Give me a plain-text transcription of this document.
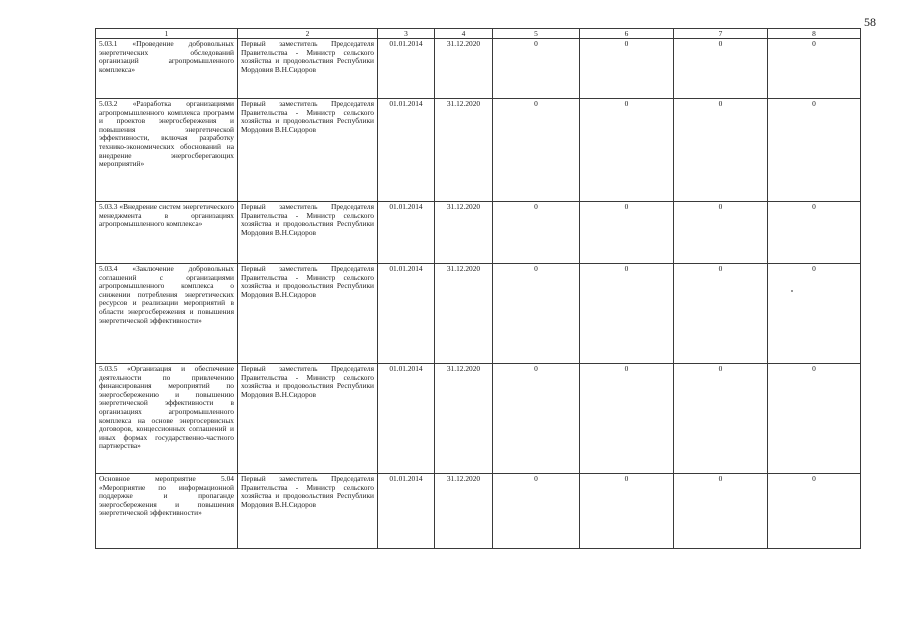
58
1	2	3	4	5	6	7	8
5.03.1 «Проведение добровольных энергетических обследований организаций агропромышленного комплекса»	Первый заместитель Председателя Правительства - Министр сельского хозяйства и продовольствия Республики Мордовия В.Н.Сидоров	01.01.2014	31.12.2020	0	0	0	0
5.03.2 «Разработка организациями агропромышленного комплекса программ и проектов энергосбережения и повышения энергетической эффективности, включая разработку технико-экономических обоснований на внедрение энергосберегающих мероприятий»	Первый заместитель Председателя Правительства - Министр сельского хозяйства и продовольствия Республики Мордовия В.Н.Сидоров	01.01.2014	31.12.2020	0	0	0	0
5.03.3 «Внедрение систем энергетического менеджмента в организациях агропромышленного комплекса»	Первый заместитель Председателя Правительства - Министр сельского хозяйства и продовольствия Республики Мордовия В.Н.Сидоров	01.01.2014	31.12.2020	0	0	0	0
5.03.4 «Заключение добровольных соглашений с организациями агропромышленного комплекса о снижении потребления энергетических ресурсов и реализации мероприятий в области энергосбережения и повышения энергетической эффективности»	Первый заместитель Председателя Правительства - Министр сельского хозяйства и продовольствия Республики Мордовия В.Н.Сидоров	01.01.2014	31.12.2020	0	0	0	0
5.03.5 «Организация и обеспечение деятельности по привлечению финансирования мероприятий по энергосбережению и повышению энергетической эффективности в организациях агропромышленного комплекса на основе энергосервисных договоров, концессионных соглашений и иных формах государственно-частного партнерства»	Первый заместитель Председателя Правительства - Министр сельского хозяйства и продовольствия Республики Мордовия В.Н.Сидоров	01.01.2014	31.12.2020	0	0	0	0
Основное мероприятие 5.04 «Мероприятие по информационной поддержке и пропаганде энергосбережения и повышения энергетической эффективности»	Первый заместитель Председателя Правительства - Министр сельского хозяйства и продовольствия Республики Мордовия В.Н.Сидоров	01.01.2014	31.12.2020	0	0	0	0
